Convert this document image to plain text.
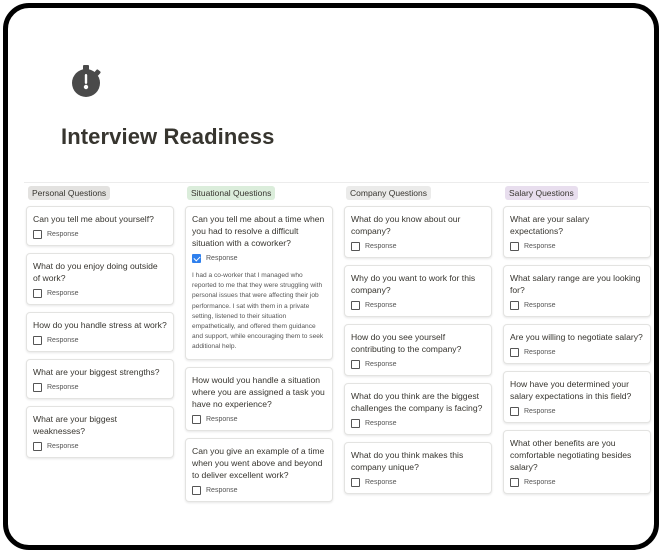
Interview Readiness
Personal Questions
Can you tell me about yourself?
Response
What do you enjoy doing outside of work?
Response
How do you handle stress at work?
Response
What are your biggest strengths?
Response
What are your biggest weaknesses?
Response
Situational Questions
Can you tell me about a time when you had to resolve a difficult situation with a coworker?
Response
I had a co-worker that I managed who reported to me that they were struggling with personal issues that were affecting their job performance. I sat with them in a private setting, listened to their situation empathetically, and offered them guidance and support, while encouraging them to seek additional help.
How would you handle a situation where you are assigned a task you have no experience?
Response
Can you give an example of a time when you went above and beyond to deliver excellent work?
Response
Company Questions
What do you know about our company?
Response
Why do you want to work for this company?
Response
How do you see yourself contributing to the company?
Response
What do you think are the biggest challenges the company is facing?
Response
What do you think makes this company unique?
Response
Salary Questions
What are your salary expectations?
Response
What salary range are you looking for?
Response
Are you willing to negotiate salary?
Response
How have you determined your salary expectations in this field?
Response
What other benefits are you comfortable negotiating besides salary?
Response
